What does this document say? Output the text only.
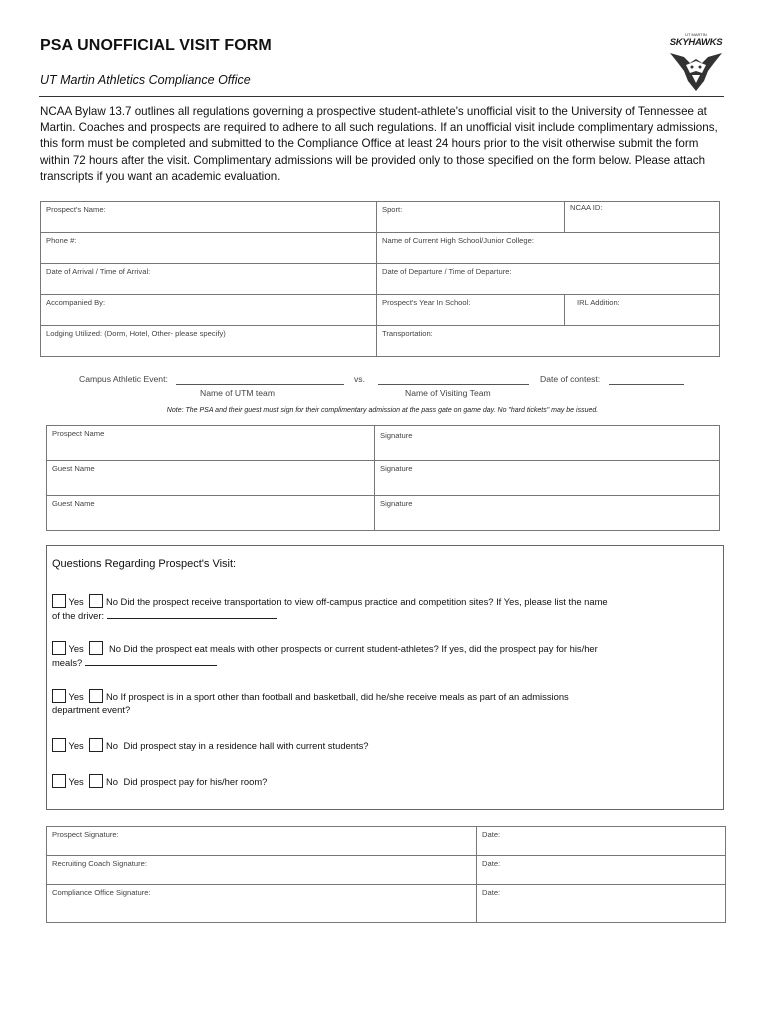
PSA UNOFFICIAL VISIT FORM
UT Martin Athletics Compliance Office
UT MARTIN
SKYHAWKS
NCAA Bylaw 13.7 outlines all regulations governing a prospective student-athlete's unofficial visit to the University of Tennessee at Martin. Coaches and prospects are required to adhere to all such regulations. If an unofficial visit include complimentary admissions, this form must be completed and submitted to the Compliance Office at least 24 hours prior to the visit otherwise submit the form within 72 hours after the visit. Complimentary admissions will be provided only to those specified on the form below. Please attach transcripts if you want an academic evaluation.
Prospect's Name:	Sport:	NCAA ID:
Phone #:	Name of Current High School/Junior College:	
Date of Arrival / Time of Arrival:	Date of Departure / Time of Departure:	
Accompanied By:	Prospect's Year In School:	IRL Addition:
Lodging Utilized: (Dorm, Hotel, Other- please specify)	Transportation:	
Campus Athletic Event:	vs.	Date of contest:
Name of UTM team	Name of Visiting Team
Note: The PSA and their guest must sign for their complimentary admission at the pass gate on game day. No "hard tickets" may be issued.
Prospect Name	Signature
Guest Name	Signature
Guest Name	Signature
Questions Regarding Prospect's Visit:
Yes No Did the prospect receive transportation to view off-campus practice and competition sites? If Yes, please list the name
of the driver:
Yes	No Did the prospect eat meals with other prospects or current student-athletes? If yes, did the prospect pay for his/her
meals?
Yes No If prospect is in a sport other than football and basketball, did he/she receive meals as part of an admissions
department event?
Yes No Did prospect stay in a residence hall with current students?
Yes No Did prospect pay for his/her room?
Prospect Signature:	Date:
Recruiting Coach Signature:	Date:
Compliance Office Signature:	Date:
